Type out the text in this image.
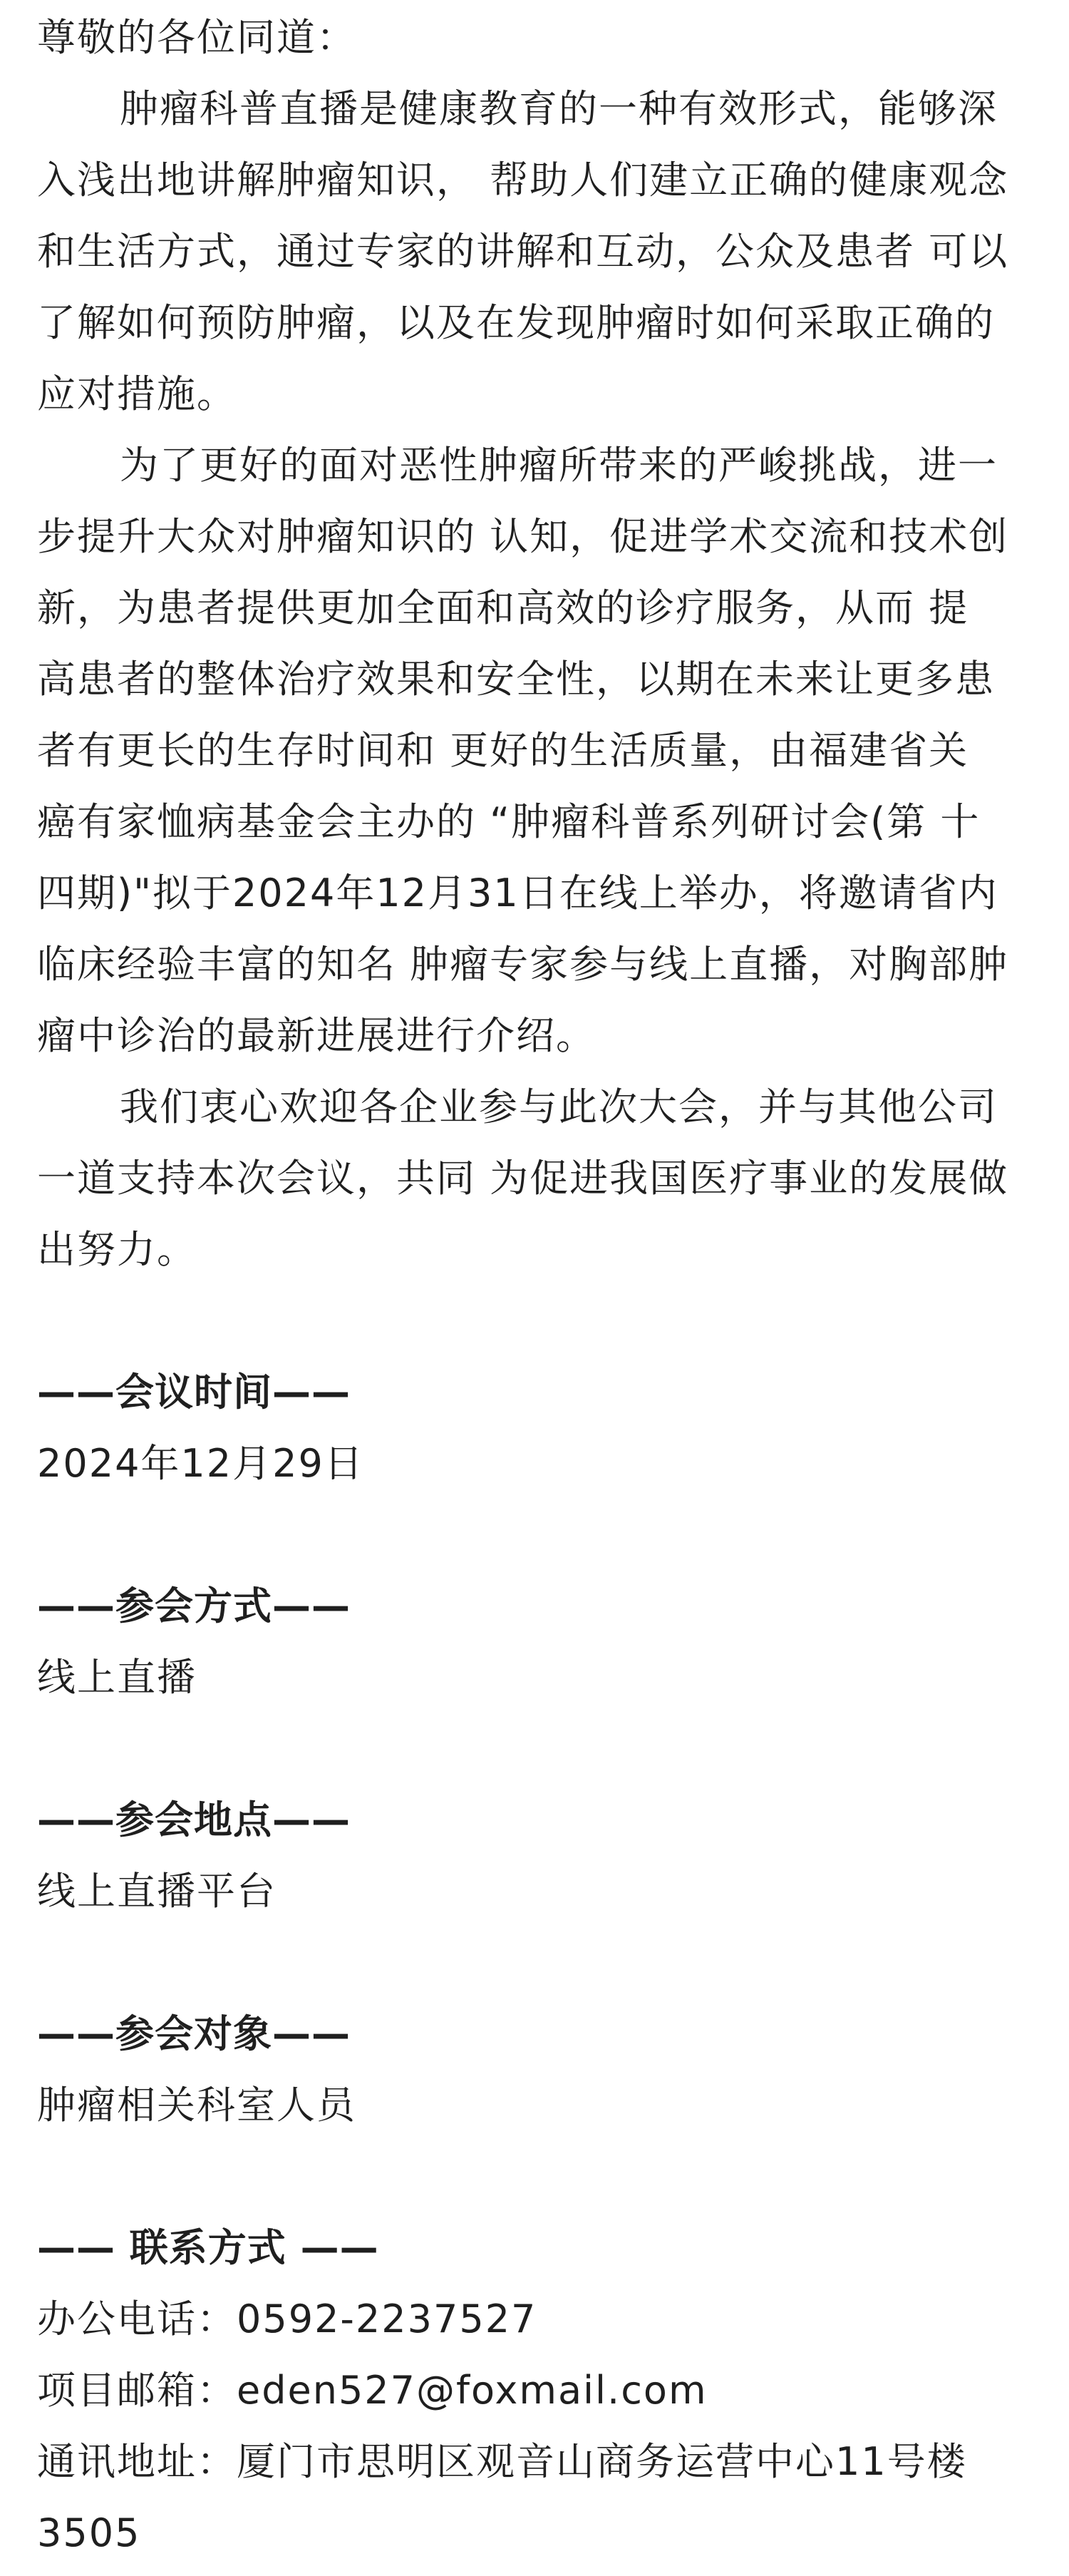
尊敬的各位同道：
肿瘤科普直播是健康教育的一种有效形式，能够深
入浅出地讲解肿瘤知识， 帮助人们建立正确的健康观念
和生活方式，通过专家的讲解和互动，公众及患者 可以
了解如何预防肿瘤，以及在发现肿瘤时如何采取正确的
应对措施。
为了更好的面对恶性肿瘤所带来的严峻挑战，进一
步提升大众对肿瘤知识的 认知，促进学术交流和技术创
新，为患者提供更加全面和高效的诊疗服务，从而 提
高患者的整体治疗效果和安全性，以期在未来让更多患
者有更长的生存时间和 更好的生活质量，由福建省关
癌有家恤病基金会主办的 “肿瘤科普系列研讨会(第 十
四期)"拟于2024年12月31日在线上举办，将邀请省内
临床经验丰富的知名 肿瘤专家参与线上直播，对胸部肿
瘤中诊治的最新进展进行介绍。
我们衷心欢迎各企业参与此次大会，并与其他公司
一道支持本次会议，共同 为促进我国医疗事业的发展做
出努力。
——会议时间——
2024年12月29日
——参会方式——
线上直播
——参会地点——
线上直播平台
——参会对象——
肿瘤相关科室人员
—— 联系方式 ——
办公电话：0592-2237527
项目邮箱：eden527@foxmail.com
通讯地址：厦门市思明区观音山商务运营中心11号楼
3505
